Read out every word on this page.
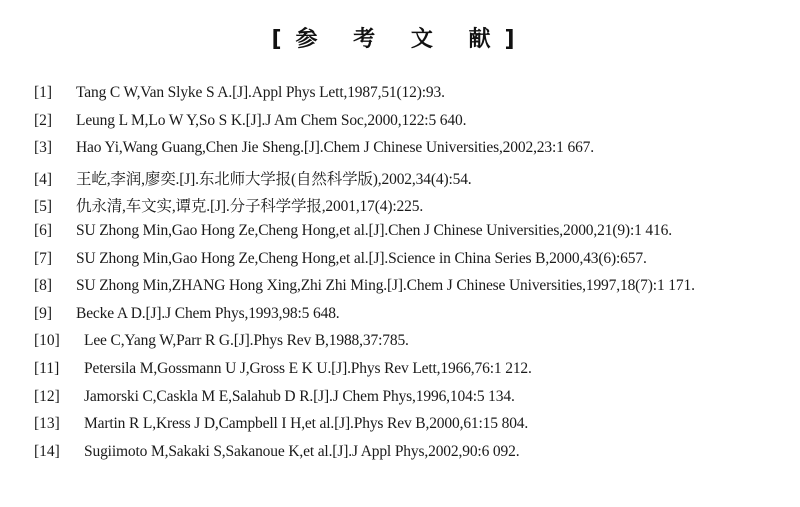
[参 考 文 献]
[1]	Tang C W,Van Slyke S A.[J].Appl Phys Lett,1987,51(12):93.
[2]	Leung L M,Lo W Y,So S K.[J].J Am Chem Soc,2000,122:5 640.
[3]	Hao Yi,Wang Guang,Chen Jie Sheng.[J].Chem J Chinese Universities,2002,23:1 667.
[4]	王屹,李润,廖奕.[J].东北师大学报(自然科学版),2002,34(4):54.
[5]	仇永清,车文实,谭克.[J].分子科学学报,2001,17(4):225.
[6]	SU Zhong Min,Gao Hong Ze,Cheng Hong,et al.[J].Chen J Chinese Universities,2000,21(9):1 416.
[7]	SU Zhong Min,Gao Hong Ze,Cheng Hong,et al.[J].Science in China Series B,2000,43(6):657.
[8]	SU Zhong Min,ZHANG Hong Xing,Zhi Zhi Ming.[J].Chem J Chinese Universities,1997,18(7):1 171.
[9]	Becke A D.[J].J Chem Phys,1993,98:5 648.
[10]	Lee C,Yang W,Parr R G.[J].Phys Rev B,1988,37:785.
[11]	Petersila M,Gossmann U J,Gross E K U.[J].Phys Rev Lett,1966,76:1 212.
[12]	Jamorski C,Caskla M E,Salahub D R.[J].J Chem Phys,1996,104:5 134.
[13]	Martin R L,Kress J D,Campbell I H,et al.[J].Phys Rev B,2000,61:15 804.
[14]	Sugiimoto M,Sakaki S,Sakanoue K,et al.[J].J Appl Phys,2002,90:6 092.
